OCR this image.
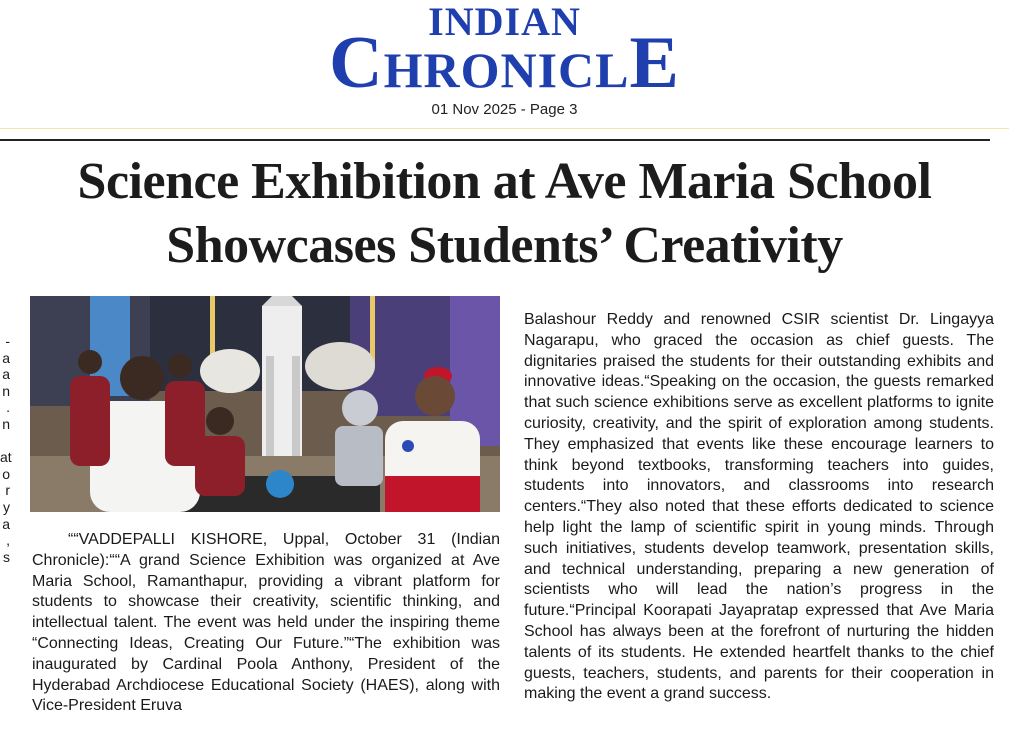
INDIAN
CHRONICLE
01 Nov 2025 - Page 3
Science Exhibition at Ave Maria School
Showcases Students’ Creativity
-
a
a
n
.
n
at
o
r
y
a
,
s
““VADDEPALLI KISHORE, Uppal, October 31 (Indian Chronicle):““A grand Science Exhibition was organized at Ave Maria School, Ramanthapur, providing a vibrant platform for students to showcase their creativity, scientific thinking, and intellectual talent. The event was held under the inspiring theme “Connecting Ideas, Creating Our Future.”“The exhibition was inaugurated by Cardinal Poola Anthony, President of the Hyderabad Archdiocese Educational Society (HAES), along with Vice-President Eruva
Balashour Reddy and renowned CSIR scientist Dr. Lingayya Nagarapu, who graced the occasion as chief guests. The dignitaries praised the students for their outstanding exhibits and innovative ideas.“Speaking on the occasion, the guests remarked that such science exhibitions serve as excellent platforms to ignite curiosity, creativity, and the spirit of exploration among students. They emphasized that events like these encourage learners to think beyond textbooks, transforming teachers into guides, students into innovators, and classrooms into research centers.“They also noted that these efforts dedicated to science help light the lamp of scientific spirit in young minds. Through such initiatives, students develop teamwork, presentation skills, and technical understanding, preparing a new generation of scientists who will lead the nation’s progress in the future.“Principal Koorapati Jayapratap expressed that Ave Maria School has always been at the forefront of nurturing the hidden talents of its students. He extended heartfelt thanks to the chief guests, teachers, students, and parents for their cooperation in making the event a grand success.
